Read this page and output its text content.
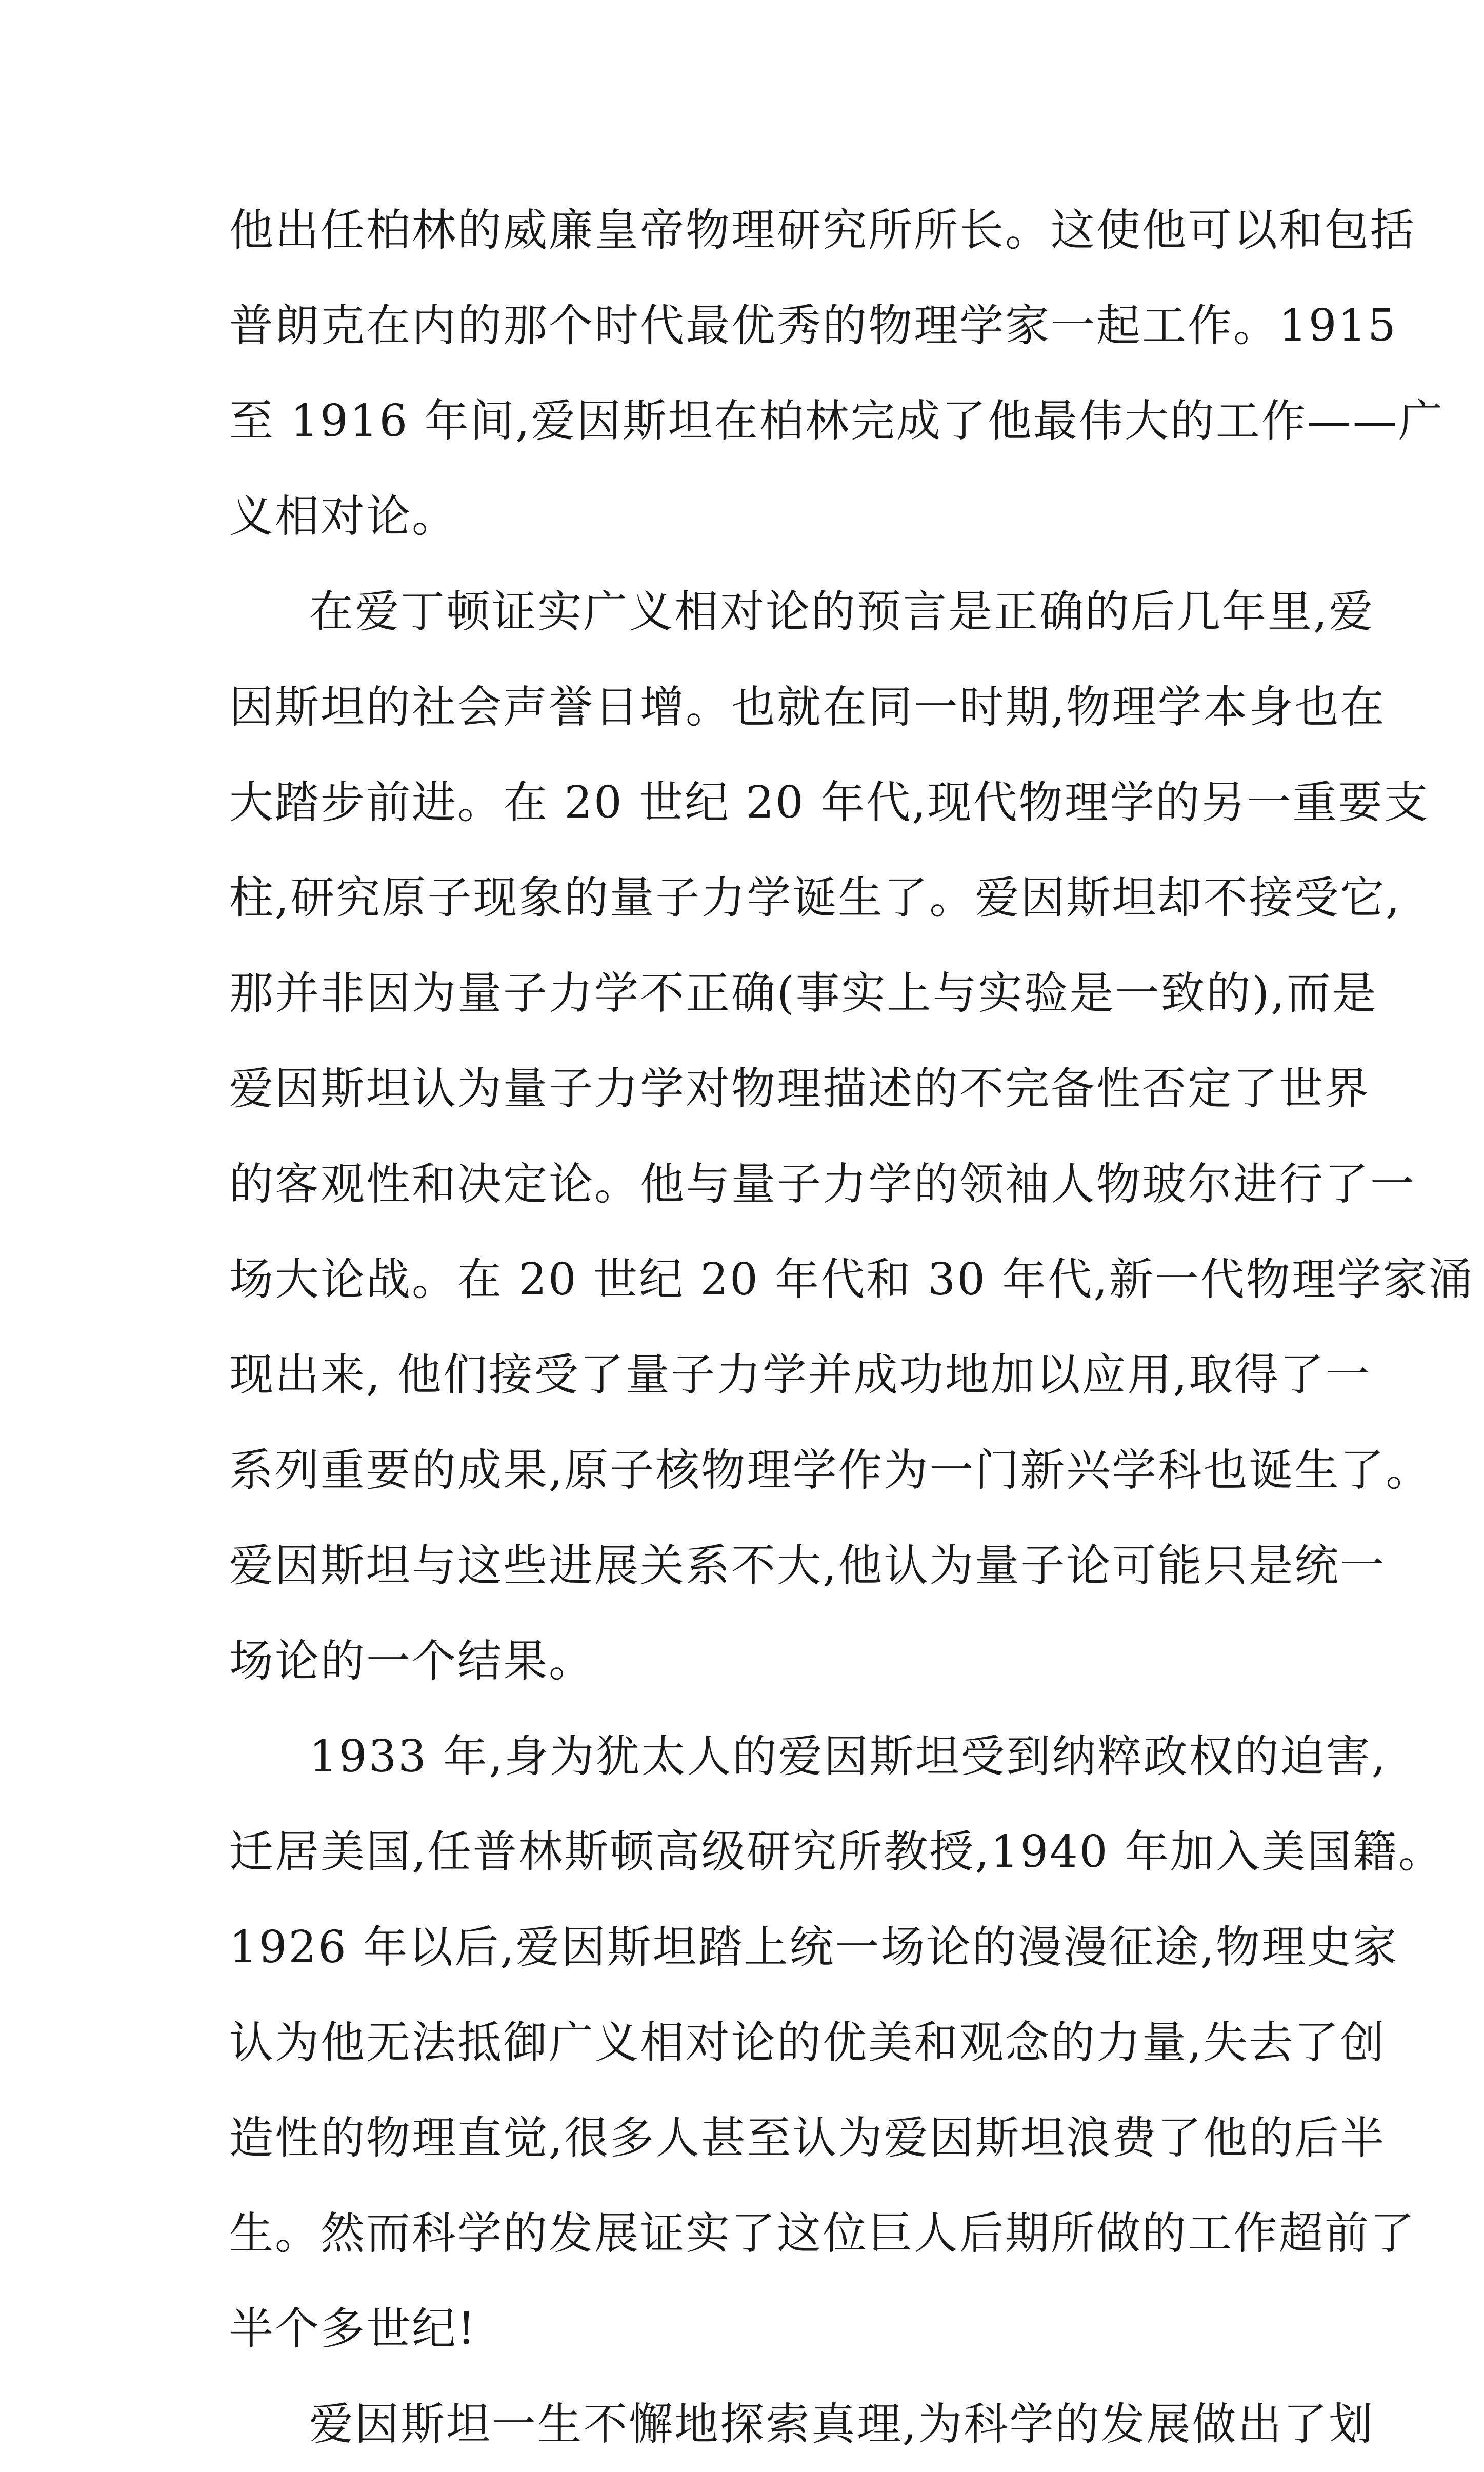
他出任柏林的威廉皇帝物理研究所所长。这使他可以和包括
普朗克在内的那个时代最优秀的物理学家一起工作。1915
至 1916 年间,爱因斯坦在柏林完成了他最伟大的工作——广
义相对论。
在爱丁顿证实广义相对论的预言是正确的后几年里,爱
因斯坦的社会声誉日增。也就在同一时期,物理学本身也在
大踏步前进。在 20 世纪 20 年代,现代物理学的另一重要支
柱,研究原子现象的量子力学诞生了。爱因斯坦却不接受它,
那并非因为量子力学不正确(事实上与实验是一致的),而是
爱因斯坦认为量子力学对物理描述的不完备性否定了世界
的客观性和决定论。他与量子力学的领袖人物玻尔进行了一
场大论战。在 20 世纪 20 年代和 30 年代,新一代物理学家涌
现出来, 他们接受了量子力学并成功地加以应用,取得了一
系列重要的成果,原子核物理学作为一门新兴学科也诞生了。
爱因斯坦与这些进展关系不大,他认为量子论可能只是统一
场论的一个结果。
1933 年,身为犹太人的爱因斯坦受到纳粹政权的迫害,
迁居美国,任普林斯顿高级研究所教授,1940 年加入美国籍。
1926 年以后,爱因斯坦踏上统一场论的漫漫征途,物理史家
认为他无法抵御广义相对论的优美和观念的力量,失去了创
造性的物理直觉,很多人甚至认为爱因斯坦浪费了他的后半
生。然而科学的发展证实了这位巨人后期所做的工作超前了
半个多世纪!
爱因斯坦一生不懈地探索真理,为科学的发展做出了划
